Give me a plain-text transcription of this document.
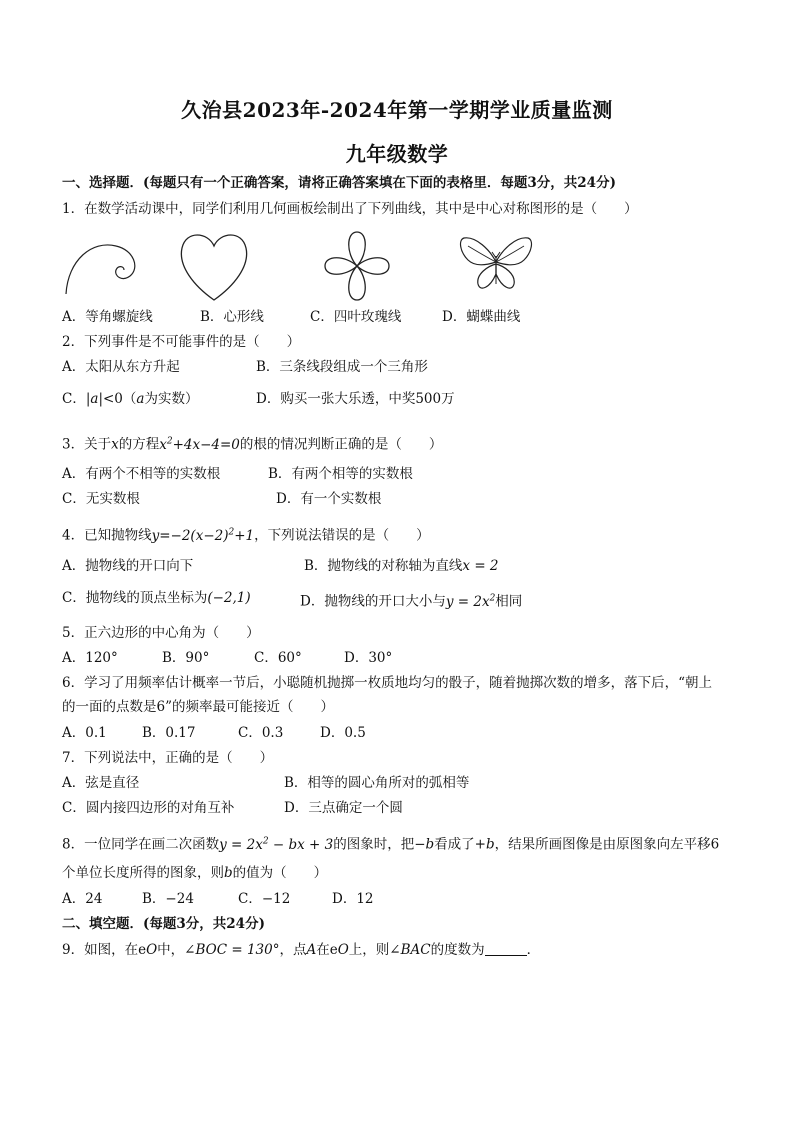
久治县2023年-2024年第一学期学业质量监测
九年级数学
一、选择题．(每题只有一个正确答案，请将正确答案填在下面的表格里．每题3分，共24分)
1．在数学活动课中，同学们利用几何画板绘制出了下列曲线，其中是中心对称图形的是（　　）
A．等角螺旋线	B．心形线	C．四叶玫瑰线	D．蝴蝶曲线
2．下列事件是不可能事件的是（　　）
A．太阳从东方升起	B．三条线段组成一个三角形
C．|a|<0（a为实数）	D．购买一张大乐透，中奖500万
3．关于x的方程$x^2+4x-4=0$的根的情况判断正确的是（　　）
A．有两个不相等的实数根	B．有两个相等的实数根
C．无实数根	D．有一个实数根
4．已知抛物线$y=-2(x-2)^2+1$，下列说法错误的是（　　）
A．抛物线的开口向下	B．抛物线的对称轴为直线x = 2
C．抛物线的顶点坐标为(−2,1)	D．抛物线的开口大小与$y = 2x^2$相同
5．正六边形的中心角为（　　）
A．120°	B．90°	C．60°	D．30°
6．学习了用频率估计概率一节后，小聪随机抛掷一枚质地均匀的骰子，随着抛掷次数的增多，落下后，“朝上
的一面的点数是6”的频率最可能接近（　　）
A．0.1	B．0.17	C．0.3	D．0.5
7．下列说法中，正确的是（　　）
A．弦是直径	B．相等的圆心角所对的弧相等
C．圆内接四边形的对角互补	D．三点确定一个圆
8．一位同学在画二次函数$y = 2x^2$ − bx + 3的图象时，把−b看成了+b，结果所画图像是由原图象向左平移6
个单位长度所得的图象，则b的值为（　　）
A．24	B．−24	C．−12	D．12
二、填空题．(每题3分，共24分)
9．如图，在eO中，∠BOC = 130°，点A在eO上，则∠BAC的度数为	．
